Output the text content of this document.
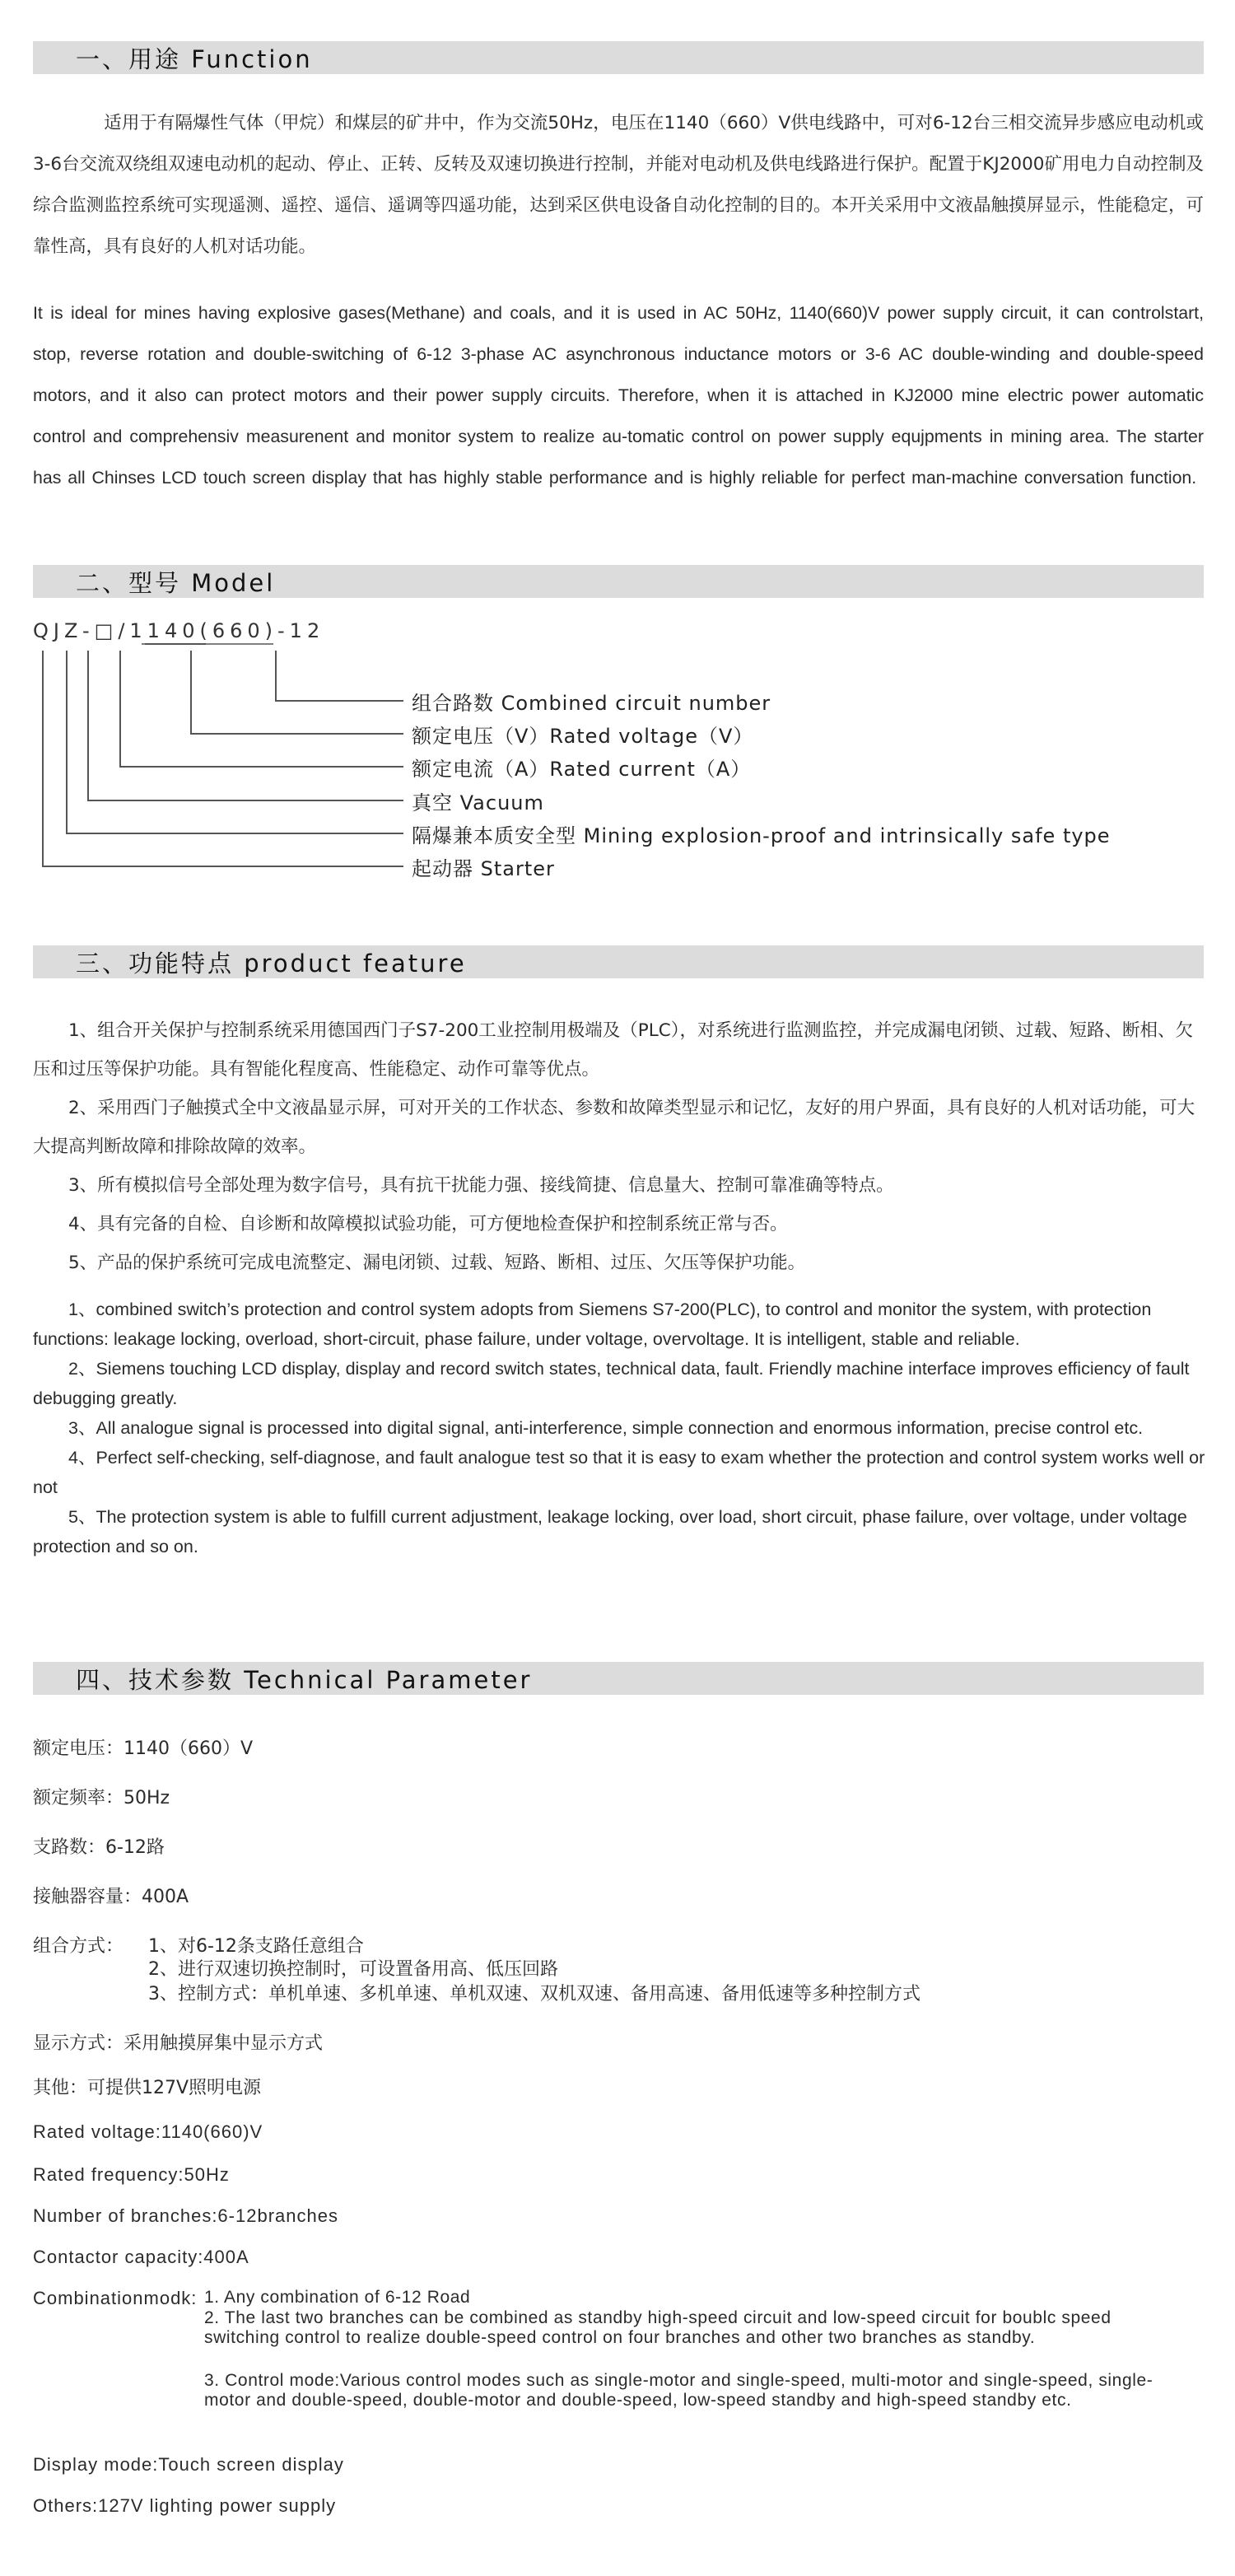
一、用途 Function
　　　　适用于有隔爆性气体（甲烷）和煤层的矿井中，作为交流50Hz，电压在1140（660）V供电线路中，可对6-12台三相交流异步感应电动机或3-6台交流双绕组双速电动机的起动、停止、正转、反转及双速切换进行控制，并能对电动机及供电线路进行保护。配置于KJ2000矿用电力自动控制及综合监测监控系统可实现遥测、遥控、遥信、遥调等四遥功能，达到采区供电设备自动化控制的目的。本开关采用中文液晶触摸屏显示，性能稳定，可靠性高，具有良好的人机对话功能。
It is ideal for mines having explosive gases(Methane) and coals, and it is used in AC 50Hz, 1140(660)V power supply circuit, it can controlstart, stop, reverse rotation and double-switching of 6-12 3-phase AC asynchronous inductance motors or 3-6 AC double-winding and double-speed motors, and it also can protect motors and their power supply circuits. Therefore, when it is attached in KJ2000 mine electric power automatic control and comprehensiv measurenent and monitor system to realize au-tomatic control on power supply equjpments in mining area. The starter has all Chinses LCD touch screen display that has highly stable performance and is highly reliable for perfect man-machine conversation function.
二、型号 Model
QJZ-□/1140(660)-12
组合路数 Combined circuit number
额定电压（V）Rated voltage（V）
额定电流（A）Rated current（A）
真空 Vacuum
隔爆兼本质安全型 Mining explosion-proof and intrinsically safe type
起动器 Starter
三、功能特点 product feature
　　1、组合开关保护与控制系统采用德国西门子S7-200工业控制用极端及（PLC），对系统进行监测监控，并完成漏电闭锁、过载、短路、断相、欠压和过压等保护功能。具有智能化程度高、性能稳定、动作可靠等优点。
　　2、采用西门子触摸式全中文液晶显示屏，可对开关的工作状态、参数和故障类型显示和记忆，友好的用户界面，具有良好的人机对话功能，可大大提高判断故障和排除故障的效率。
　　3、所有模拟信号全部处理为数字信号，具有抗干扰能力强、接线简捷、信息量大、控制可靠准确等特点。
　　4、具有完备的自检、自诊断和故障模拟试验功能，可方便地检查保护和控制系统正常与否。
　　5、产品的保护系统可完成电流整定、漏电闭锁、过载、短路、断相、过压、欠压等保护功能。

　　1、combined switch’s protection and control system adopts from Siemens S7-200(PLC), to control and monitor the system, with protection functions: leakage locking, overload, short-circuit, phase failure, under voltage, overvoltage. It is intelligent, stable and reliable.

　　2、Siemens touching LCD display, display and record switch states, technical data, fault. Friendly machine interface improves efficiency of fault debugging greatly.

　　3、All analogue signal is processed into digital signal, anti-interference, simple connection and enormous information, precise control etc.

　　4、Perfect self-checking, self-diagnose, and fault analogue test so that it is easy to exam whether the protection and control system works well or not

　　5、The protection system is able to fulfill current adjustment, leakage locking, over load, short circuit, phase failure, over voltage, under voltage protection and so on.

四、技术参数 Technical Parameter
额定电压：1140（660）V
额定频率：50Hz
支路数：6-12路
接触器容量：400A
组合方式： 1、对6-12条支路任意组合
2、进行双速切换控制时，可设置备用高、低压回路
3、控制方式：单机单速、多机单速、单机双速、双机双速、备用高速、备用低速等多种控制方式
显示方式：采用触摸屏集中显示方式
其他：可提供127V照明电源
Rated voltage:1140(660)V
Rated frequency:50Hz
Number of branches:6-12branches
Contactor capacity:400A
Combinationmodk: 1. Any combination of 6-12 Road
2. The last two branches can be combined as standby high-speed circuit and low-speed circuit for boublc speed switching control to realize double-speed control on four branches and other two branches as standby.
3. Control mode:Various control modes such as single-motor and single-speed, multi-motor and single-speed, single-motor and double-speed, double-motor and double-speed, low-speed standby and high-speed standby etc.
Display mode:Touch screen display
Others:127V lighting power supply
